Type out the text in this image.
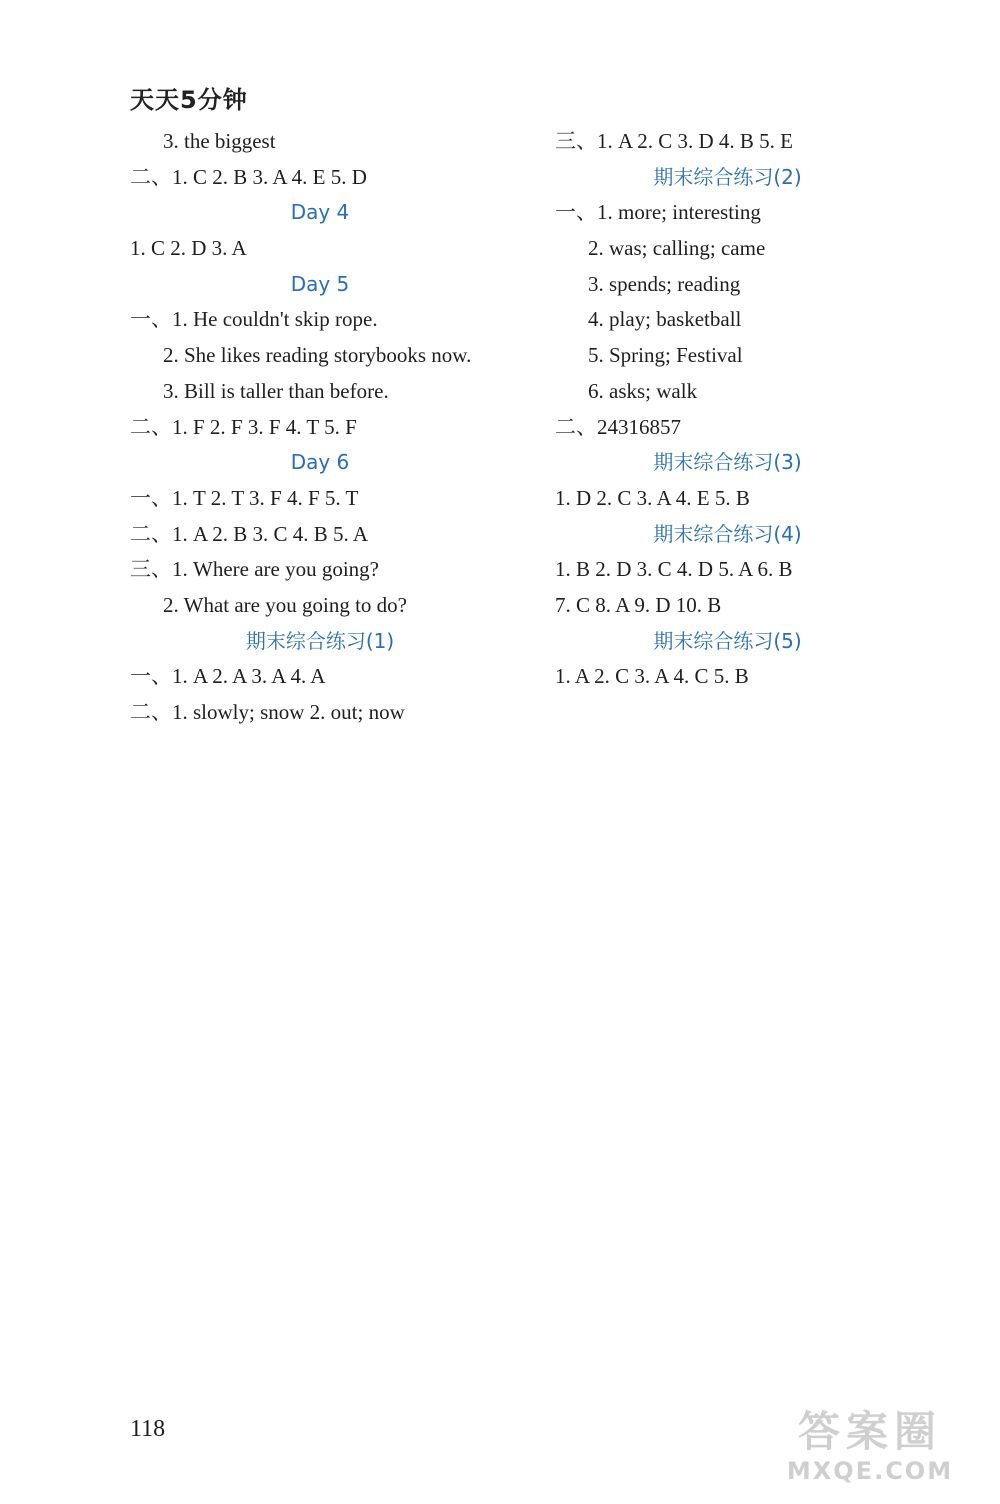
天天5分钟
3. the biggest
二、1. C 2. B 3. A 4. E 5. D
Day 4
1. C 2. D 3. A
Day 5
一、1. He couldn't skip rope.
2. She likes reading storybooks now.
3. Bill is taller than before.
二、1. F 2. F 3. F 4. T 5. F
Day 6
一、1. T 2. T 3. F 4. F 5. T
二、1. A 2. B 3. C 4. B 5. A
三、1. Where are you going?
2. What are you going to do?
期末综合练习(1)
一、1. A 2. A 3. A 4. A
二、1. slowly; snow 2. out; now
三、1. A 2. C 3. D 4. B 5. E
期末综合练习(2)
一、1. more; interesting
2. was; calling; came
3. spends; reading
4. play; basketball
5. Spring; Festival
6. asks; walk
二、24316857
期末综合练习(3)
1. D 2. C 3. A 4. E 5. B
期末综合练习(4)
1. B 2. D 3. C 4. D 5. A 6. B
7. C 8. A 9. D 10. B
期末综合练习(5)
1. A 2. C 3. A 4. C 5. B
118	答案圈
MXQE.COM
